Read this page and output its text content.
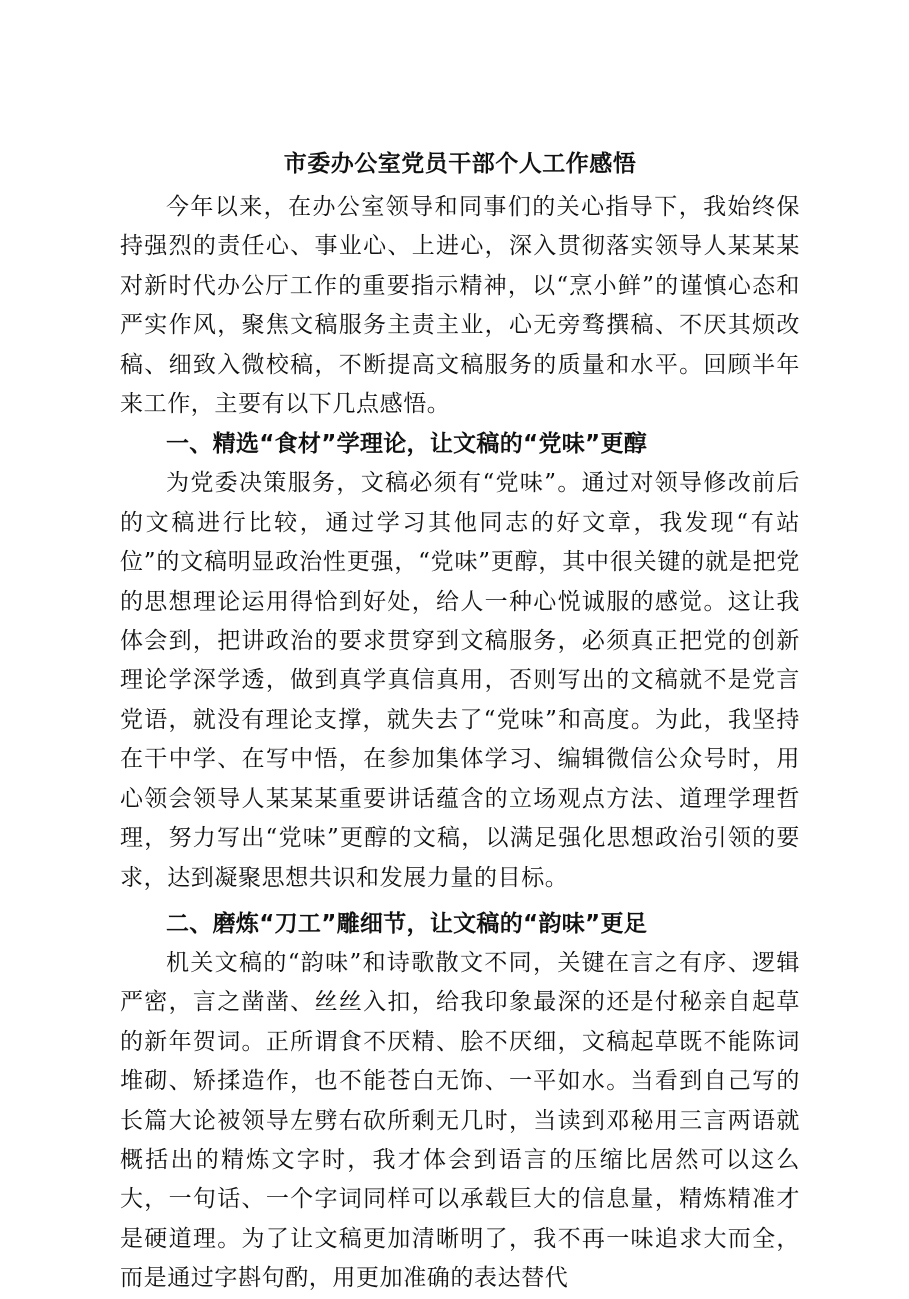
市委办公室党员干部个人工作感悟

今年以来，在办公室领导和同事们的关心指导下，我始终保持强烈的责任心、事业心、上进心，深入贯彻落实领导人某某某对新时代办公厅工作的重要指示精神，以“烹小鲜”的谨慎心态和严实作风，聚焦文稿服务主责主业，心无旁骛撰稿、不厌其烦改稿、细致入微校稿，不断提高文稿服务的质量和水平。回顾半年来工作，主要有以下几点感悟。

一、精选“食材”学理论，让文稿的“党味”更醇

为党委决策服务，文稿必须有“党味”。通过对领导修改前后的文稿进行比较，通过学习其他同志的好文章，我发现“有站位”的文稿明显政治性更强，“党味”更醇，其中很关键的就是把党的思想理论运用得恰到好处，给人一种心悦诚服的感觉。这让我体会到，把讲政治的要求贯穿到文稿服务，必须真正把党的创新理论学深学透，做到真学真信真用，否则写出的文稿就不是党言党语，就没有理论支撑，就失去了“党味”和高度。为此，我坚持在干中学、在写中悟，在参加集体学习、编辑微信公众号时，用心领会领导人某某某重要讲话蕴含的立场观点方法、道理学理哲理，努力写出“党味”更醇的文稿，以满足强化思想政治引领的要求，达到凝聚思想共识和发展力量的目标。

二、磨炼“刀工”雕细节，让文稿的“韵味”更足

机关文稿的“韵味”和诗歌散文不同，关键在言之有序、逻辑严密，言之凿凿、丝丝入扣，给我印象最深的还是付秘亲自起草的新年贺词。正所谓食不厌精、脍不厌细，文稿起草既不能陈词堆砌、矫揉造作，也不能苍白无饰、一平如水。当看到自己写的长篇大论被领导左劈右砍所剩无几时，当读到邓秘用三言两语就概括出的精炼文字时，我才体会到语言的压缩比居然可以这么大，一句话、一个字词同样可以承载巨大的信息量，精炼精准才是硬道理。为了让文稿更加清晰明了，我不再一味追求大而全，而是通过字斟句酌，用更加准确的表达替代
